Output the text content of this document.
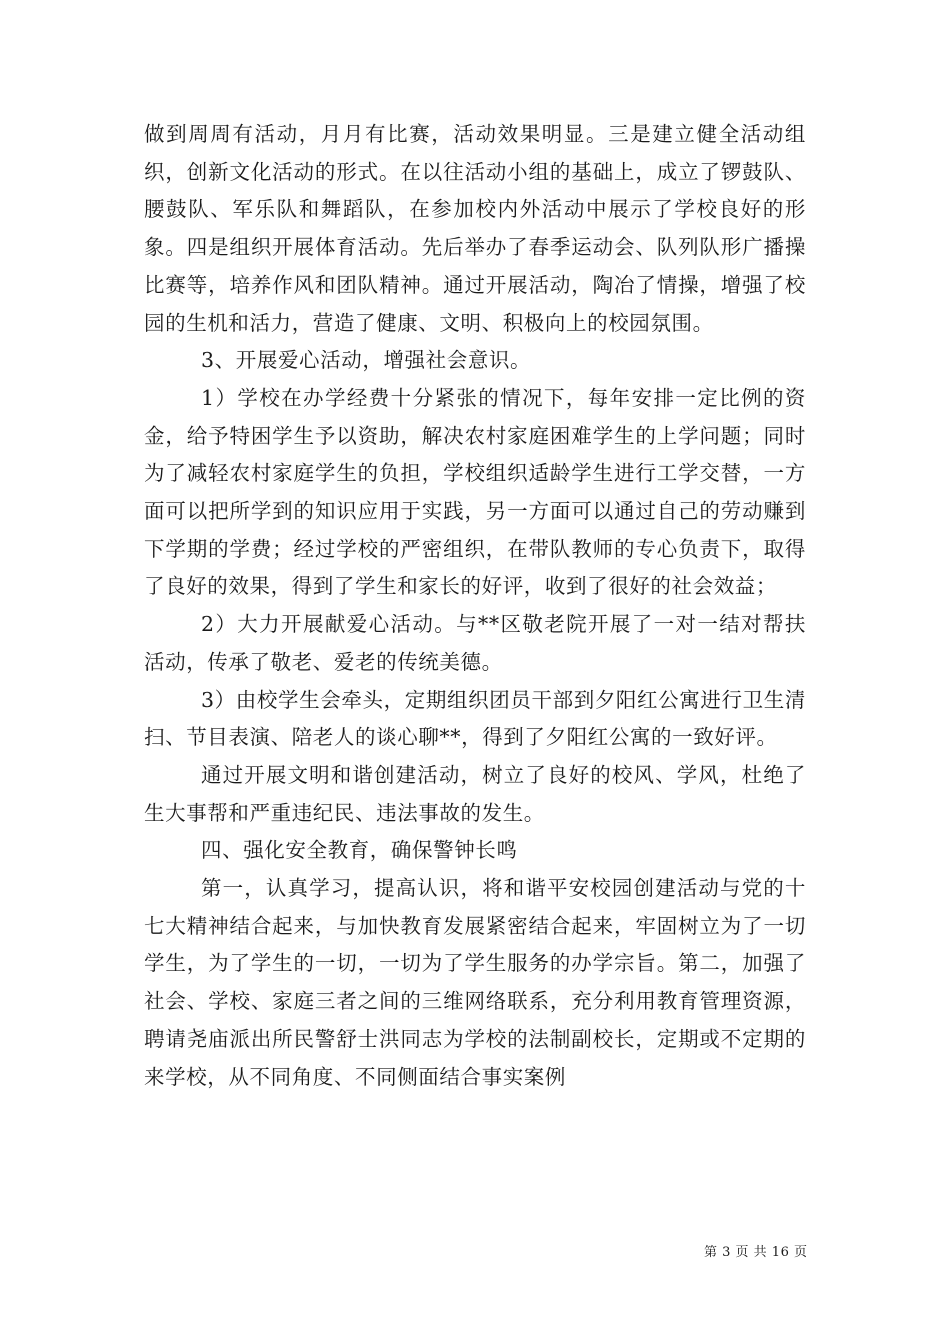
做到周周有活动，月月有比赛，活动效果明显。三是建立健全活动组织，创新文化活动的形式。在以往活动小组的基础上，成立了锣鼓队、腰鼓队、军乐队和舞蹈队，在参加校内外活动中展示了学校良好的形象。四是组织开展体育活动。先后举办了春季运动会、队列队形广播操比赛等，培养作风和团队精神。通过开展活动，陶冶了情操，增强了校园的生机和活力，营造了健康、文明、积极向上的校园氛围。

3、开展爱心活动，增强社会意识。

1）学校在办学经费十分紧张的情况下，每年安排一定比例的资金，给予特困学生予以资助，解决农村家庭困难学生的上学问题；同时为了减轻农村家庭学生的负担，学校组织适龄学生进行工学交替，一方面可以把所学到的知识应用于实践，另一方面可以通过自己的劳动赚到下学期的学费；经过学校的严密组织，在带队教师的专心负责下，取得了良好的效果，得到了学生和家长的好评，收到了很好的社会效益；

2）大力开展献爱心活动。与**区敬老院开展了一对一结对帮扶活动，传承了敬老、爱老的传统美德。

3）由校学生会牵头，定期组织团员干部到夕阳红公寓进行卫生清扫、节目表演、陪老人的谈心聊**，得到了夕阳红公寓的一致好评。

通过开展文明和谐创建活动，树立了良好的校风、学风，杜绝了生大事帮和严重违纪民、违法事故的发生。

四、强化安全教育，确保警钟长鸣

第一，认真学习，提高认识，将和谐平安校园创建活动与党的十七大精神结合起来，与加快教育发展紧密结合起来，牢固树立为了一切学生，为了学生的一切，一切为了学生服务的办学宗旨。第二，加强了社会、学校、家庭三者之间的三维网络联系，充分利用教育管理资源，聘请尧庙派出所民警舒士洪同志为学校的法制副校长，定期或不定期的来学校，从不同角度、不同侧面结合事实案例

第 3 页 共 16 页
